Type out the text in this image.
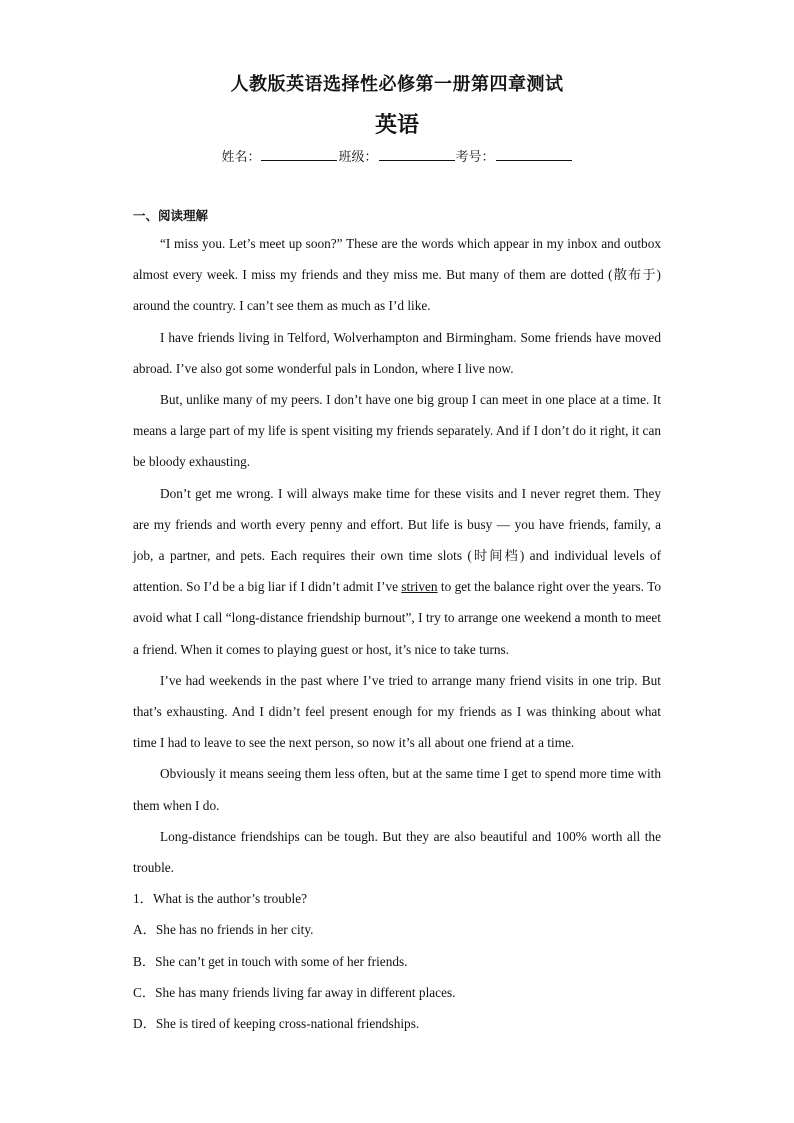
人教版英语选择性必修第一册第四章测试
英语
姓名：	班级：	考号：
一、阅读理解

“I miss you. Let’s meet up soon?” These are the words which appear in my inbox and outbox almost every week. I miss my friends and they miss me. But many of them are dotted (散布于) around the country. I can’t see them as much as I’d like.

I have friends living in Telford, Wolverhampton and Birmingham. Some friends have moved abroad. I’ve also got some wonderful pals in London, where I live now.

But, unlike many of my peers. I don’t have one big group I can meet in one place at a time. It means a large part of my life is spent visiting my friends separately. And if I don’t do it right, it can be bloody exhausting.

Don’t get me wrong. I will always make time for these visits and I never regret them. They are my friends and worth every penny and effort. But life is busy — you have friends, family, a job, a partner, and pets. Each requires their own time slots (时间档) and individual levels of attention. So I’d be a big liar if I didn’t admit I’ve striven to get the balance right over the years. To avoid what I call “long-distance friendship burnout”, I try to arrange one weekend a month to meet a friend. When it comes to playing guest or host, it’s nice to take turns.

I’ve had weekends in the past where I’ve tried to arrange many friend visits in one trip. But that’s exhausting. And I didn’t feel present enough for my friends as I was thinking about what time I had to leave to see the next person, so now it’s all about one friend at a time.

Obviously it means seeing them less often, but at the same time I get to spend more time with them when I do.

Long-distance friendships can be tough. But they are also beautiful and 100% worth all the trouble.

1．What is the author’s trouble?

A．She has no friends in her city.

B．She can’t get in touch with some of her friends.

C．She has many friends living far away in different places.

D．She is tired of keeping cross-national friendships.
